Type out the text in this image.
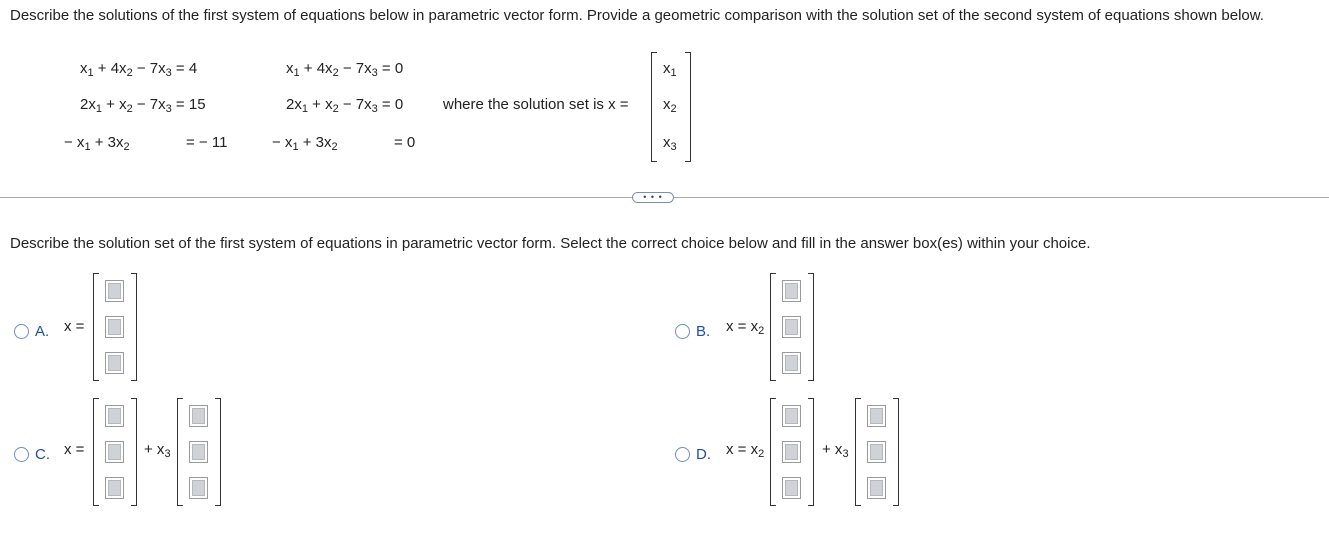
Describe the solutions of the first system of equations below in parametric vector form. Provide a geometric comparison with the solution set of the second system of equations shown below.
$x_1 + 4x_2 - 7x_3 = 4$
$2x_1 + x_2 - 7x_3 = 15$
− $x_1 + 3x_2$	= − 11
$x_1 + 4x_2 - 7x_3 = 0$
$2x_1 + x_2 - 7x_3 = 0$
− $x_1 + 3x_2$	= 0
where the solution set is x =
$x_1$
$x_2$
$x_3$
• • •
Describe the solution set of the first system of equations in parametric vector form. Select the correct choice below and fill in the answer box(es) within your choice.
A. x =	B. $x = x_2$
C. x =	+ $x_3$	D. $x = x_2$	+ $x_3$
